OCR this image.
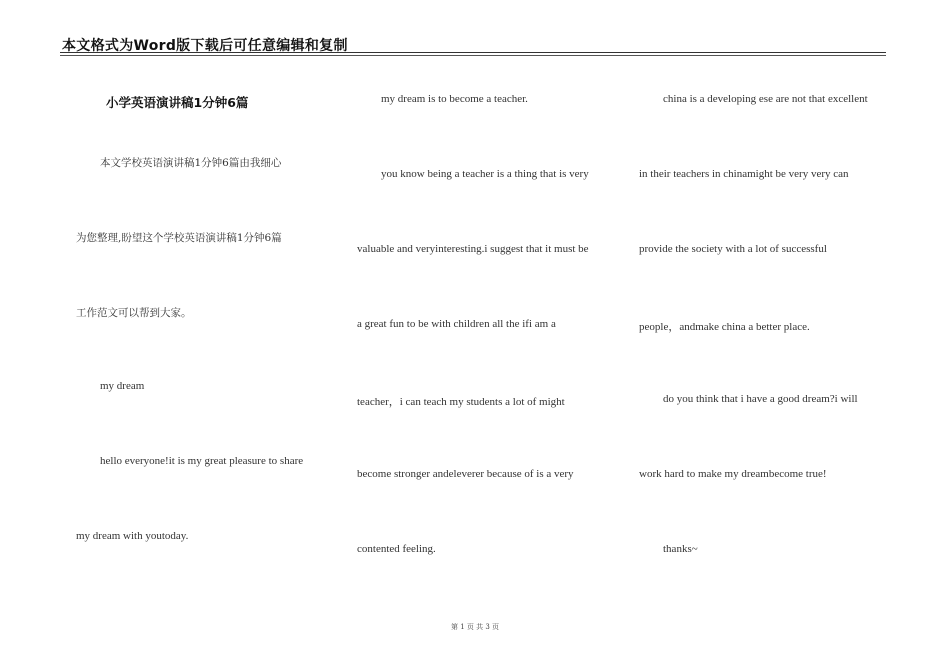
本文格式为Word版下载后可任意编辑和复制
小学英语演讲稿1分钟6篇
本文学校英语演讲稿1分钟6篇由我细心
为您整理,盼望这个学校英语演讲稿1分钟6篇
工作范文可以帮到大家。
my dream
hello everyone!it is my great pleasure to share
my dream with youtoday.
my dream is to become a teacher.
you know being a teacher is a thing that is very
valuable and veryinteresting.i suggest that it must be
a great fun to be with children all the ifi am a
teacher，i can teach my students a lot of might
become stronger andeleverer because of is a very
contented feeling.
china is a developing ese are not that excellent
in their teachers in chinamight be very very can
provide the society with a lot of successful
people，andmake china a better place.
do you think that i have a good dream?i will
work hard to make my dreambecome true!
thanks~
第 1 页 共 3 页
